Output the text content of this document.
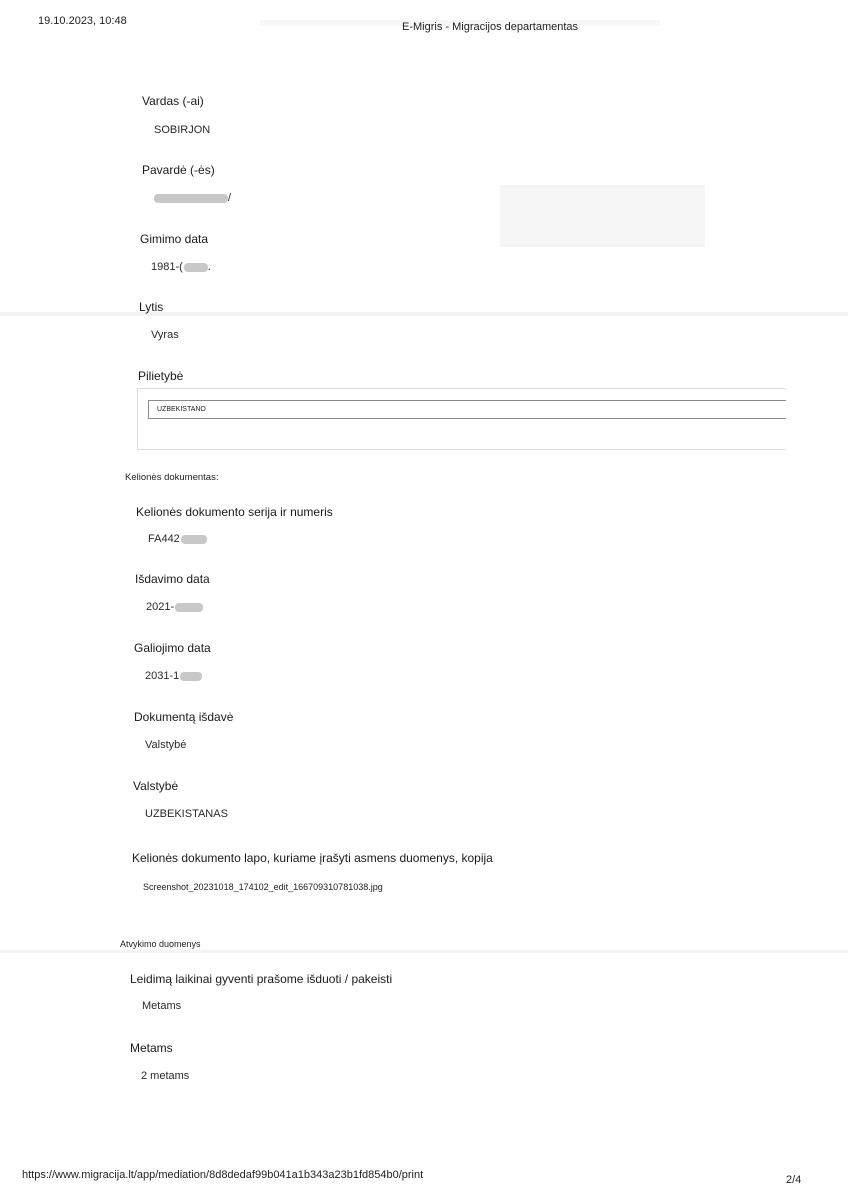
19.10.2023, 10:48	E-Migris - Migracijos departamentas
Vardas (-ai)
SOBIRJON
Pavardė (-ės)
/
Gimimo data
1981-( .
Lytis
Vyras
Pilietybė
UZBEKISTANO
Kelionės dokumentas:
Kelionės dokumento serija ir numeris
FA442
Išdavimo data
2021-
Galiojimo data
2031-1
Dokumentą išdavė
Valstybė
Valstybė
UZBEKISTANAS
Kelionės dokumento lapo, kuriame įrašyti asmens duomenys, kopija
Screenshot_20231018_174102_edit_166709310781038.jpg
Atvykimo duomenys
Leidimą laikinai gyventi prašome išduoti / pakeisti
Metams
Metams
2 metams
https://www.migracija.lt/app/mediation/8d8dedaf99b041a1b343a23b1fd854b0/print	2/4
